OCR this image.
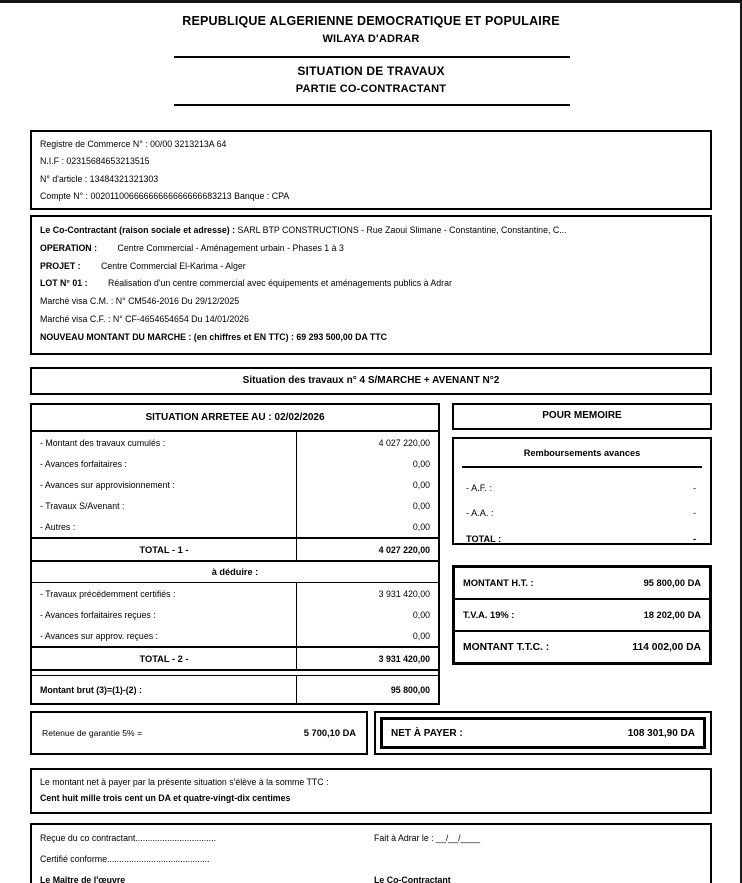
REPUBLIQUE ALGERIENNE DEMOCRATIQUE ET POPULAIRE
WILAYA D'ADRAR
SITUATION DE TRAVAUX
PARTIE CO-CONTRACTANT
Registre de Commerce N° : 00/00 3213213A 64
N.I.F : 02315684653213515
N° d'article : 13484321321303
Compte N° : 00201100666666666666666683213 Banque : CPA
Le Co-Contractant (raison sociale et adresse) : SARL BTP CONSTRUCTIONS - Rue Zaoui Slimane - Constantine, Constantine, C...
OPERATION : Centre Commercial - Aménagement urbain - Phases 1 à 3
PROJET : Centre Commercial El-Karima - Alger
LOT N° 01 : Réalisation d'un centre commercial avec équipements et aménagements publics à Adrar
Marché visa C.M. : N° CM546-2016 Du 29/12/2025
Marché visa C.F. : N° CF-4654654654 Du 14/01/2026
NOUVEAU MONTANT DU MARCHE : (en chiffres et EN TTC) : 69 293 500,00 DA TTC
Situation des travaux n° 4 S/MARCHE + AVENANT N°2
SITUATION ARRETEE AU : 02/02/2026
- Montant des travaux cumulés :	4 027 220,00
- Avances forfaitaires :	0,00
- Avances sur approvisionnement :	0,00
- Travaux S/Avenant :	0,00
- Autres :	0,00
TOTAL - 1 -	4 027 220,00
à déduire :
- Travaux précédemment certifiés :	3 931 420,00
- Avances forfaitaires reçues :	0,00
- Avances sur approv. reçues :	0,00
TOTAL - 2 -	3 931 420,00
Montant brut (3)=(1)-(2) :	95 800,00
POUR MEMOIRE
Remboursements avances
- A.F. :	-
- A.A. :	-
TOTAL :	-
MONTANT H.T. :	95 800,00 DA
T.V.A. 19% :	18 202,00 DA
MONTANT T.T.C. :	114 002,00 DA
Retenue de garantie 5% =	5 700,10 DA	NET À PAYER :	108 301,90 DA
Le montant net à payer par la présente situation s'élève à la somme TTC :
Cent huit mille trois cent un DA et quatre-vingt-dix centimes
Reçue du co contractant.................................	Fait à Adrar le : __/__/____
Certifié conforme..........................................
Le Maître de l'œuvre	Le Co-Contractant
